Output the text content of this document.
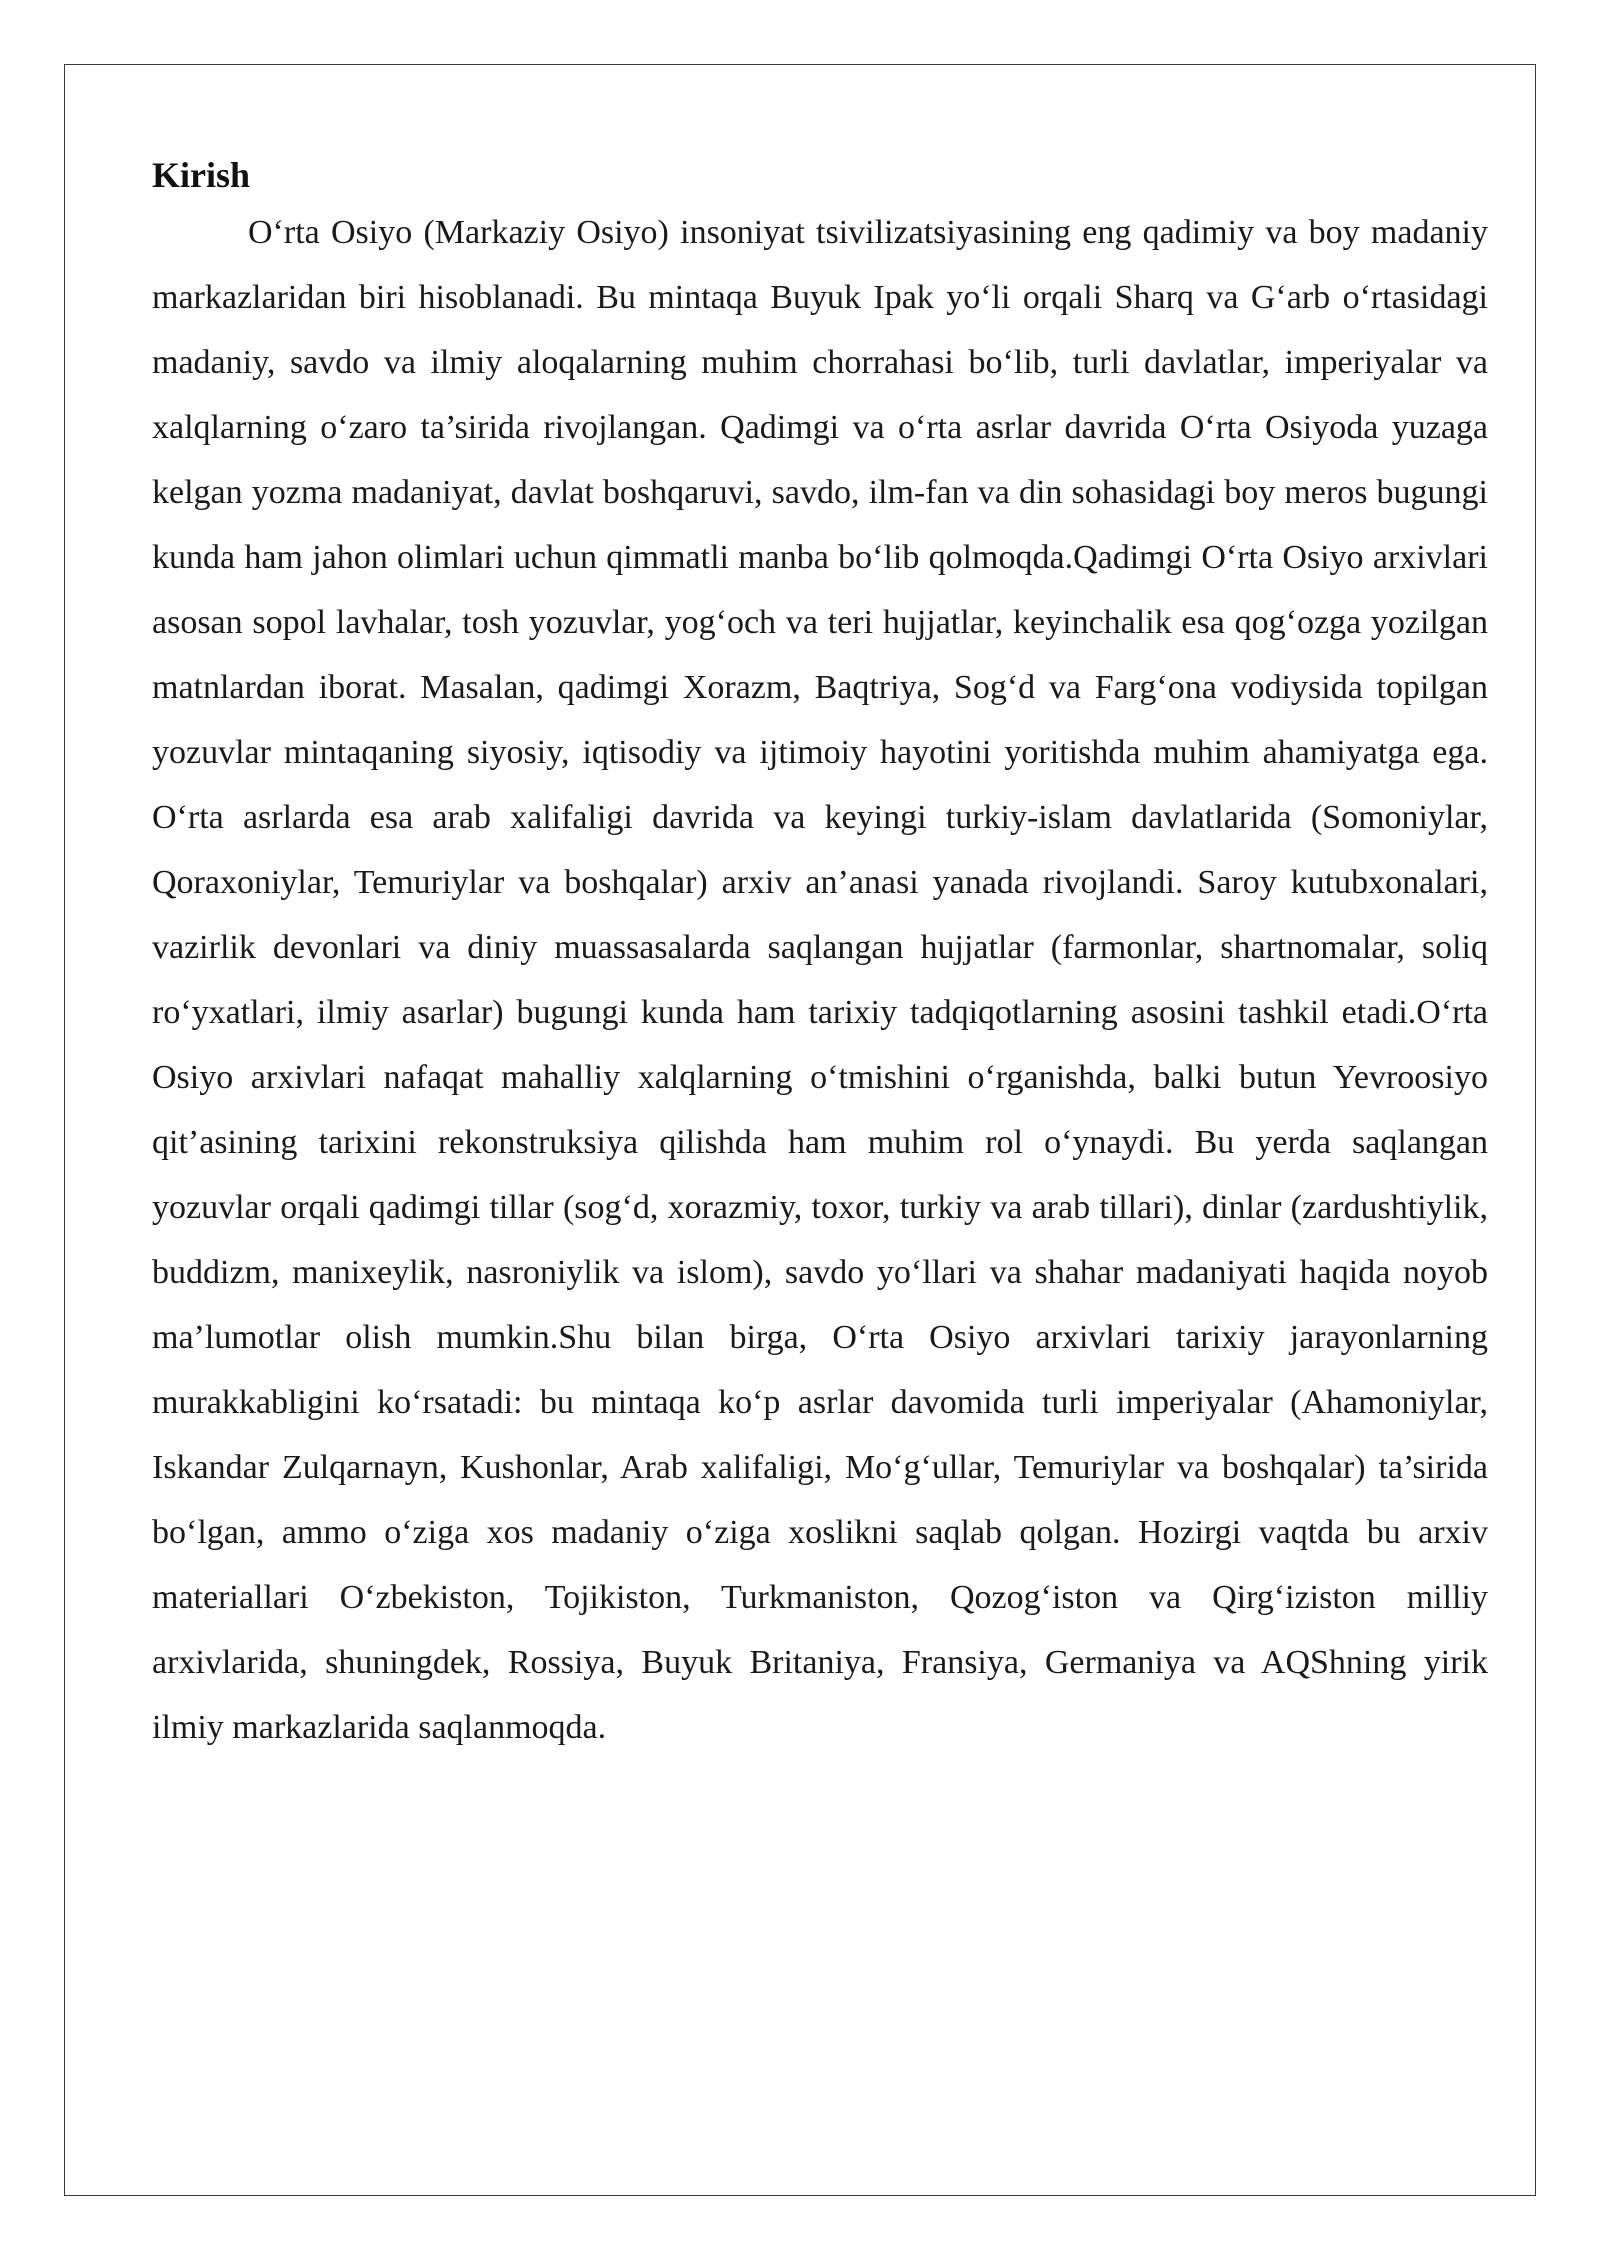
Kirish

O‘rta Osiyo (Markaziy Osiyo) insoniyat tsivilizatsiyasining eng qadimiy va boy madaniy markazlaridan biri hisoblanadi. Bu mintaqa Buyuk Ipak yo‘li orqali Sharq va G‘arb o‘rtasidagi madaniy, savdo va ilmiy aloqalarning muhim chorrahasi bo‘lib, turli davlatlar, imperiyalar va xalqlarning o‘zaro ta’sirida rivojlangan. Qadimgi va o‘rta asrlar davrida O‘rta Osiyoda yuzaga kelgan yozma madaniyat, davlat boshqaruvi, savdo, ilm-fan va din sohasidagi boy meros bugungi kunda ham jahon olimlari uchun qimmatli manba bo‘lib qolmoqda.Qadimgi O‘rta Osiyo arxivlari asosan sopol lavhalar, tosh yozuvlar, yog‘och va teri hujjatlar, keyinchalik esa qog‘ozga yozilgan matnlardan iborat. Masalan, qadimgi Xorazm, Baqtriya, Sog‘d va Farg‘ona vodiysida topilgan yozuvlar mintaqaning siyosiy, iqtisodiy va ijtimoiy hayotini yoritishda muhim ahamiyatga ega. O‘rta asrlarda esa arab xalifaligi davrida va keyingi turkiy-islam davlatlarida (Somoniylar, Qoraxoniylar, Temuriylar va boshqalar) arxiv an’anasi yanada rivojlandi. Saroy kutubxonalari, vazirlik devonlari va diniy muassasalarda saqlangan hujjatlar (farmonlar, shartnomalar, soliq ro‘yxatlari, ilmiy asarlar) bugungi kunda ham tarixiy tadqiqotlarning asosini tashkil etadi.O‘rta Osiyo arxivlari nafaqat mahalliy xalqlarning o‘tmishini o‘rganishda, balki butun Yevroosiyo qit’asining tarixini rekonstruksiya qilishda ham muhim rol o‘ynaydi. Bu yerda saqlangan yozuvlar orqali qadimgi tillar (sog‘d, xorazmiy, toxor, turkiy va arab tillari), dinlar (zardushtiylik, buddizm, manixeylik, nasroniylik va islom), savdo yo‘llari va shahar madaniyati haqida noyob ma’lumotlar olish mumkin.Shu bilan birga, O‘rta Osiyo arxivlari tarixiy jarayonlarning murakkabligini ko‘rsatadi: bu mintaqa ko‘p asrlar davomida turli imperiyalar (Ahamoniylar, Iskandar Zulqarnayn, Kushonlar, Arab xalifaligi, Mo‘g‘ullar, Temuriylar va boshqalar) ta’sirida bo‘lgan, ammo o‘ziga xos madaniy o‘ziga xoslikni saqlab qolgan. Hozirgi vaqtda bu arxiv materiallari O‘zbekiston, Tojikiston, Turkmaniston, Qozog‘iston va Qirg‘iziston milliy arxivlarida, shuningdek, Rossiya, Buyuk Britaniya, Fransiya, Germaniya va AQShning yirik ilmiy markazlarida saqlanmoqda.
